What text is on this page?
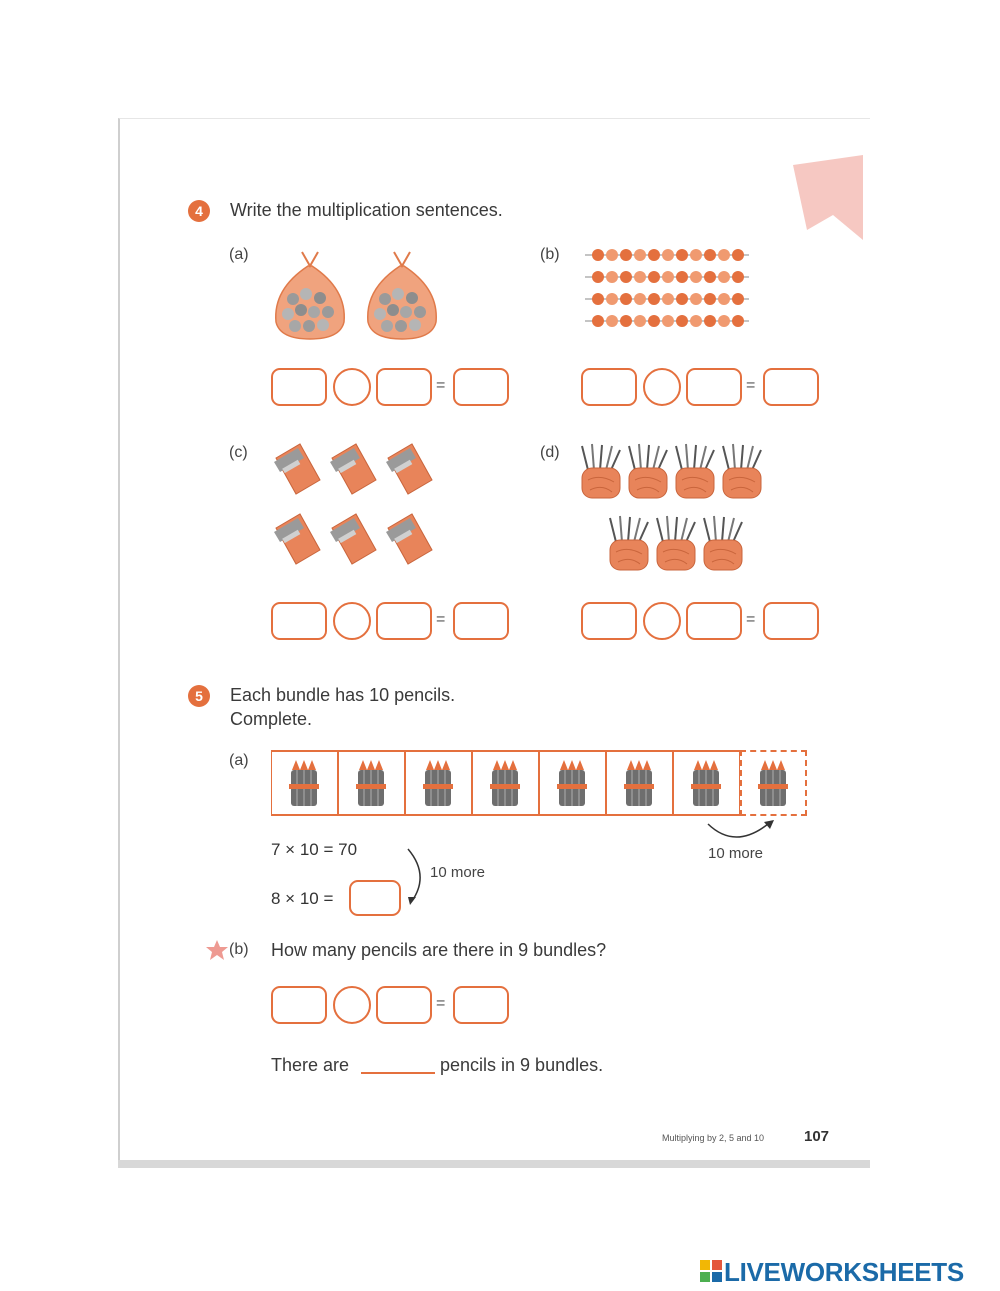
4	Write the multiplication sentences.
(a)	(b)
(c)	(d)
=	=
=	=
5	Each bundle has 10 pencils.
Complete.
(a)
10 more
7 × 10 = 70
8 × 10 =
10 more
(b) How many pencils are there in 9 bundles?
=
There are	pencils in 9 bundles.
Multiplying by 2, 5 and 10	107
LIVEWORKSHEETS
